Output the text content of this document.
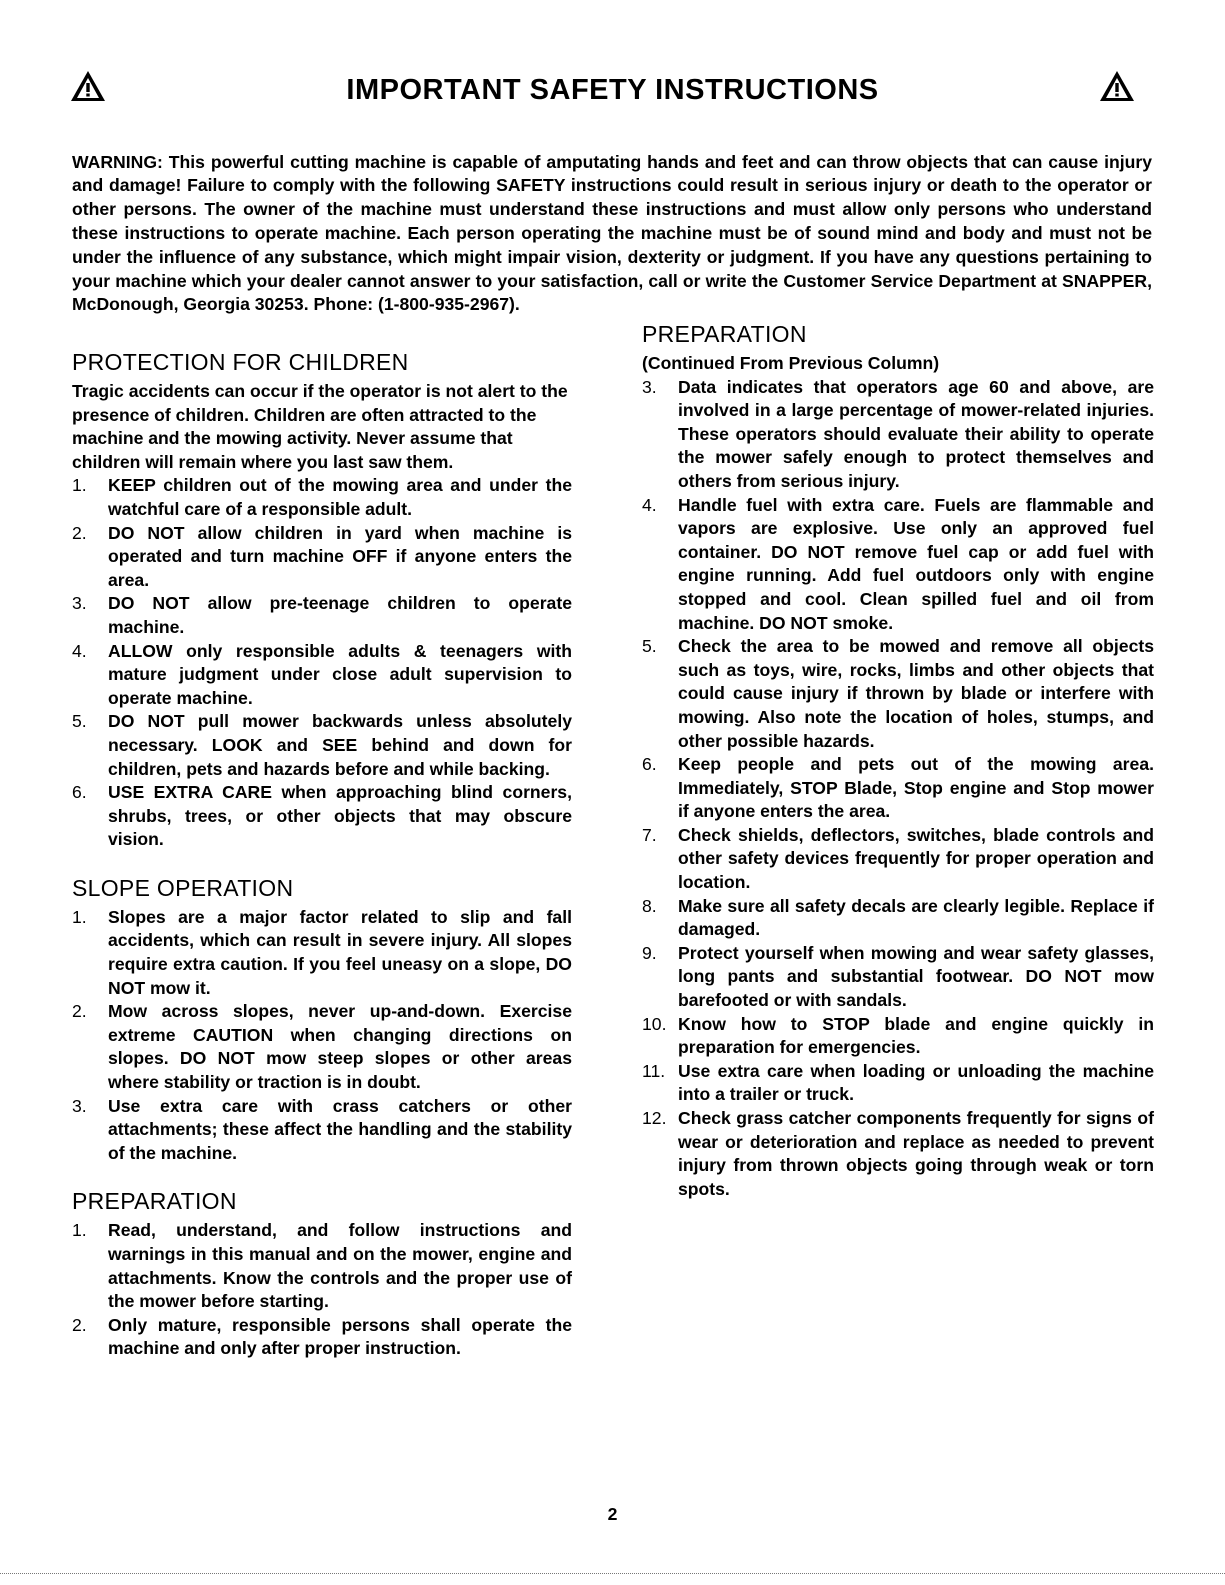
IMPORTANT SAFETY INSTRUCTIONS

WARNING: This powerful cutting machine is capable of amputating hands and feet and can throw objects that can cause injury and damage! Failure to comply with the following SAFETY instructions could result in serious injury or death to the operator or other persons. The owner of the machine must understand these instructions and must allow only persons who understand these instructions to operate machine. Each person operating the machine must be of sound mind and body and must not be under the influence of any substance, which might impair vision, dexterity or judgment. If you have any questions pertaining to your machine which your dealer cannot answer to your satisfaction, call or write the Customer Service Department at SNAPPER, McDonough, Georgia 30253. Phone: (1-800-935-2967).

PROTECTION FOR CHILDREN

Tragic accidents can occur if the operator is not alert to the presence of children. Children are often attracted to the machine and the mowing activity. Never assume that children will remain where you last saw them.

1. KEEP children out of the mowing area and under the watchful care of a responsible adult.
2. DO NOT allow children in yard when machine is operated and turn machine OFF if anyone enters the area.
3. DO NOT allow pre-teenage children to operate machine.
4. ALLOW only responsible adults & teenagers with mature judgment under close adult supervision to operate machine.
5. DO NOT pull mower backwards unless absolutely necessary. LOOK and SEE behind and down for children, pets and hazards before and while backing.
6. USE EXTRA CARE when approaching blind corners, shrubs, trees, or other objects that may obscure vision.
SLOPE OPERATION
1. Slopes are a major factor related to slip and fall accidents, which can result in severe injury. All slopes require extra caution. If you feel uneasy on a slope, DO NOT mow it.
2. Mow across slopes, never up-and-down. Exercise extreme CAUTION when changing directions on slopes. DO NOT mow steep slopes or other areas where stability or traction is in doubt.
3. Use extra care with crass catchers or other attachments; these affect the handling and the stability of the machine.
PREPARATION
1. Read, understand, and follow instructions and warnings in this manual and on the mower, engine and attachments. Know the controls and the proper use of the mower before starting.
2. Only mature, responsible persons shall operate the machine and only after proper instruction.
PREPARATION

(Continued From Previous Column)

3. Data indicates that operators age 60 and above, are involved in a large percentage of mower-related injuries. These operators should evaluate their ability to operate the mower safely enough to protect themselves and others from serious injury.
4. Handle fuel with extra care. Fuels are flammable and vapors are explosive. Use only an approved fuel container. DO NOT remove fuel cap or add fuel with engine running. Add fuel outdoors only with engine stopped and cool. Clean spilled fuel and oil from machine. DO NOT smoke.
5. Check the area to be mowed and remove all objects such as toys, wire, rocks, limbs and other objects that could cause injury if thrown by blade or interfere with mowing. Also note the location of holes, stumps, and other possible hazards.
6. Keep people and pets out of the mowing area. Immediately, STOP Blade, Stop engine and Stop mower if anyone enters the area.
7. Check shields, deflectors, switches, blade controls and other safety devices frequently for proper operation and location.
8. Make sure all safety decals are clearly legible. Replace if damaged.
9. Protect yourself when mowing and wear safety glasses, long pants and substantial footwear. DO NOT mow barefooted or with sandals.
10. Know how to STOP blade and engine quickly in preparation for emergencies.
11. Use extra care when loading or unloading the machine into a trailer or truck.
12. Check grass catcher components frequently for signs of wear or deterioration and replace as needed to prevent injury from thrown objects going through weak or torn spots.
2
